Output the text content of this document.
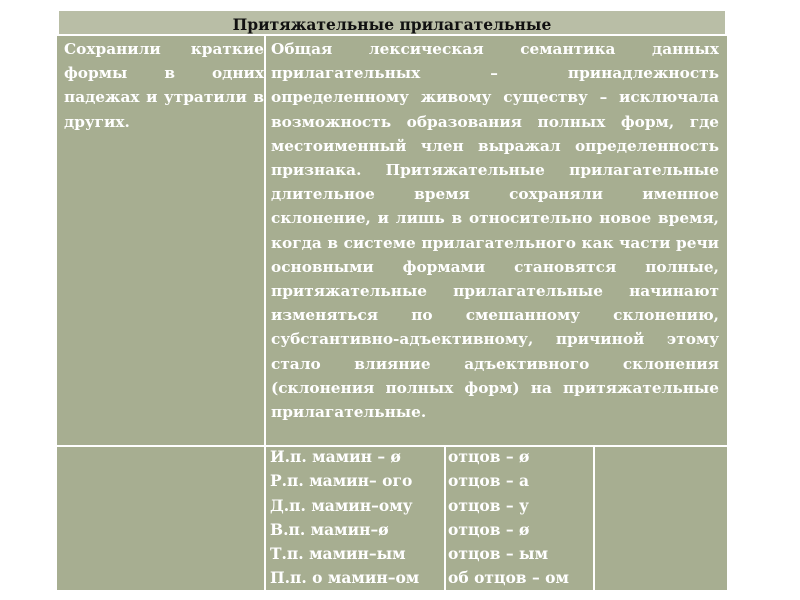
Притяжательные прилагательные
Сохранили краткие формы в одних падежах и утратили в других.
Общая лексическая семантика данных прилагательных – принадлежность определенному живому существу – исключала возможность образования полных форм, где местоименный член выражал определенность признака. Притяжательные прилагательные длительное время сохраняли именное склонение, и лишь в относительно новое время, когда в системе прилагательного как части речи основными формами становятся полные, притяжательные прилагательные начинают изменяться по смешанному склонению, субстантивно-адъективному, причиной этому стало влияние адъективного склонения (склонения полных форм) на притяжательные прилагательные.
И.п. мамин – ø
Р.п. мамин– ого
Д.п. мамин–ому
В.п. мамин–ø
Т.п. мамин–ым
П.п. о мамин–ом
отцов – ø
отцов – а
отцов – у
отцов – ø
отцов – ым
об отцов – ом
